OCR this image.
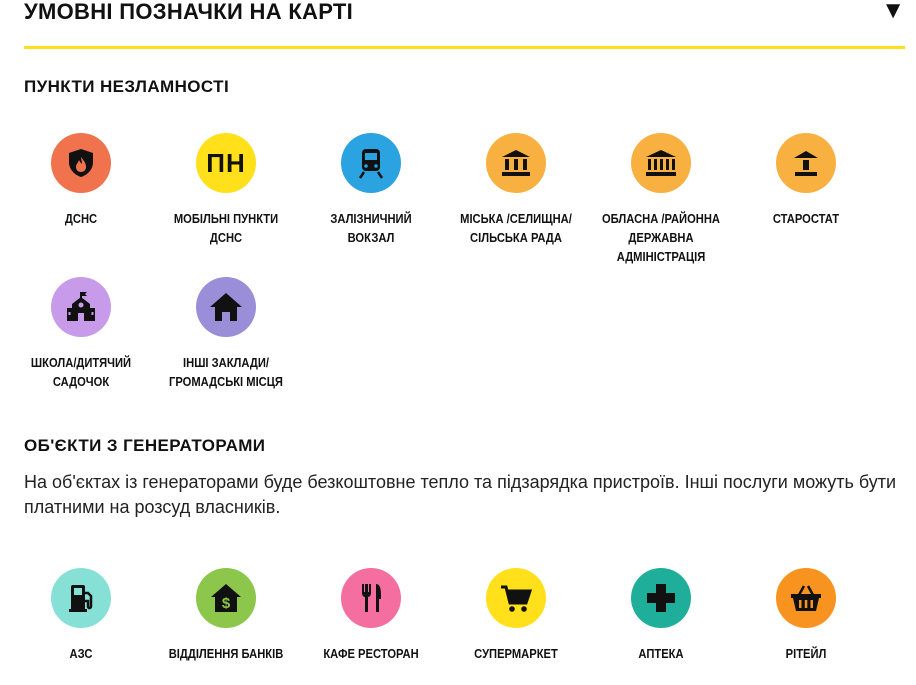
УМОВНІ ПОЗНАЧКИ НА КАРТІ	▼
ПУНКТИ НЕЗЛАМНОСТІ
ДСНС
ПН
МОБІЛЬНІ ПУНКТИ ДСНС
ЗАЛІЗНИЧНИЙ ВОКЗАЛ
МІСЬКА /СЕЛИЩНА/ СІЛЬСЬКА РАДА
ОБЛАСНА /РАЙОННА ДЕРЖАВНА АДМІНІСТРАЦІЯ
СТАРОСТАТ
ШКОЛА/ДИТЯЧИЙ САДОЧОК
ІНШІ ЗАКЛАДИ/ ГРОМАДСЬКІ МІСЦЯ
ОБ'ЄКТИ З ГЕНЕРАТОРАМИ
На об'єктах із генераторами буде безкоштовне тепло та підзарядка пристроїв. Інші послуги можуть бути платними на розсуд власників.
АЗС
$
ВІДДІЛЕННЯ БАНКІВ	КАФЕ РЕСТОРАН	СУПЕРМАРКЕТ	АПТЕКА	РІТЕЙЛ
